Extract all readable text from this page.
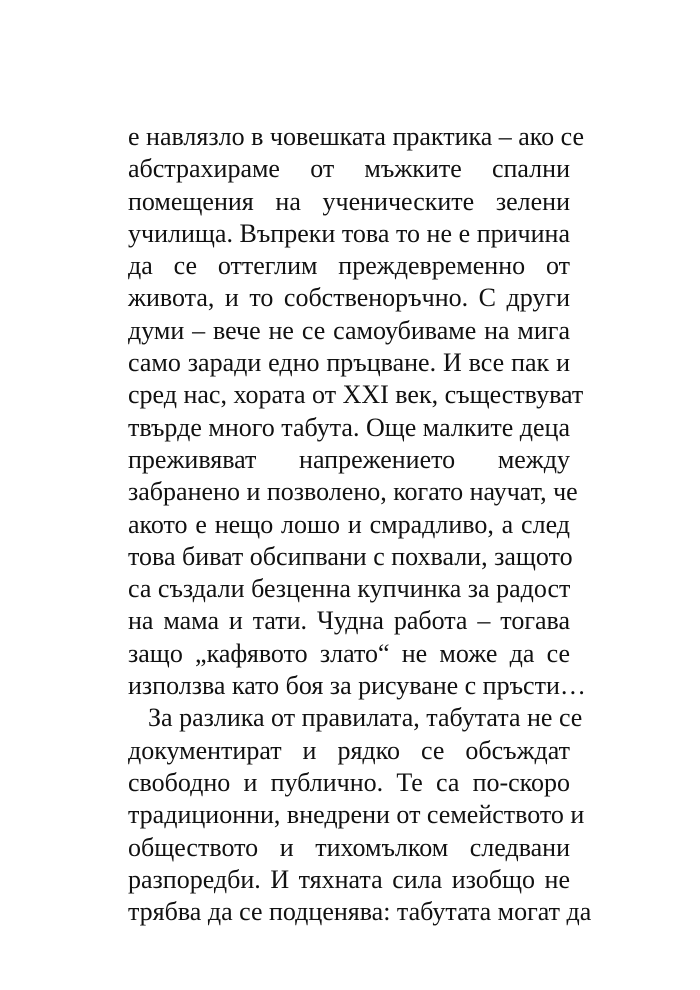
е навлязло в човешката практика – ако се
абстрахираме от мъжките спални
помещения на ученическите зелени
училища. Въпреки това то не е причина
да се оттеглим преждевременно от
живота, и то собственоръчно. С други
думи – вече не се самоубиваме на мига
само заради едно пръцване. И все пак и
сред нас, хората от XXI век, съществуват
твърде много табута. Още малките деца
преживяват напрежението между
забранено и позволено, когато научат, че
акото е нещо лошо и смрадливо, а след
това биват обсипвани с похвали, защото
са създали безценна купчинка за радост
на мама и тати. Чудна работа – тогава
защо „кафявото злато“ не може да се
използва като боя за рисуване с пръсти…

За разлика от правилата, табутата не се
документират и рядко се обсъждат
свободно и публично. Те са по-скоро
традиционни, внедрени от семейството и
обществото и тихомълком следвани
разпоредби. И тяхната сила изобщо не
трябва да се подценява: табутата могат да
